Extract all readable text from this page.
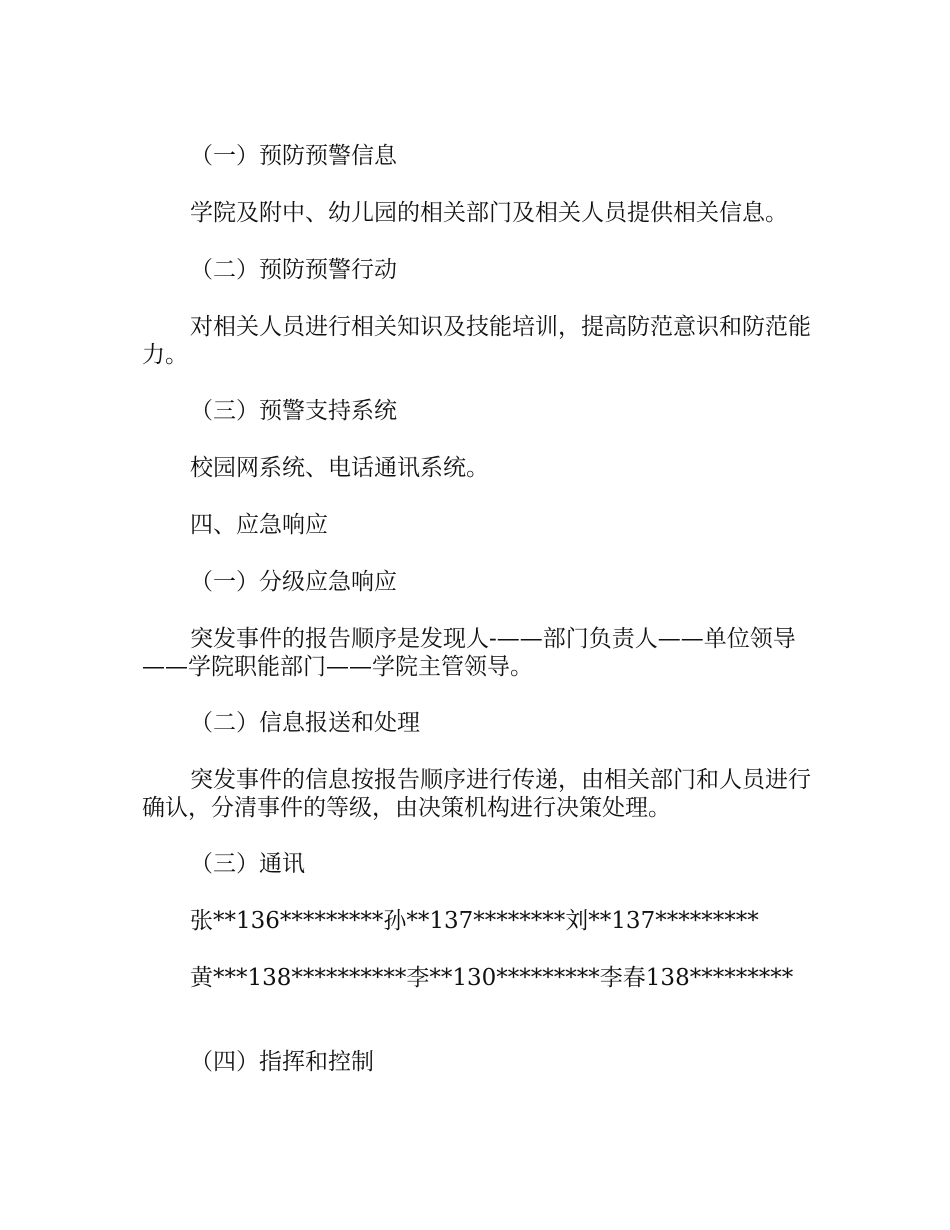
（一）预防预警信息

学院及附中、幼儿园的相关部门及相关人员提供相关信息。

（二）预防预警行动

对相关人员进行相关知识及技能培训，提高防范意识和防范能力。

（三）预警支持系统

校园网系统、电话通讯系统。

四、应急响应

（一）分级应急响应

突发事件的报告顺序是发现人-——部门负责人——单位领导——学院职能部门——学院主管领导。

（二）信息报送和处理

突发事件的信息按报告顺序进行传递，由相关部门和人员进行确认，分清事件的等级，由决策机构进行决策处理。

（三）通讯

张**136*********孙**137********刘**137*********

黄***138**********李**130*********李春138*********

（四）指挥和控制
